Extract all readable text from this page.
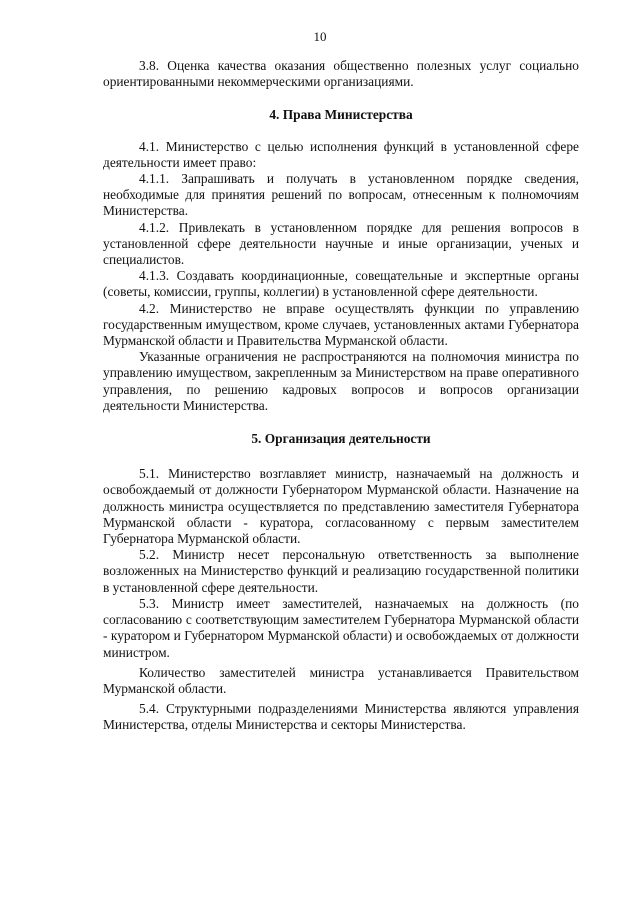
10

3.8. Оценка качества оказания общественно полезных услуг социально ориентированными некоммерческими организациями.

4. Права Министерства

4.1. Министерство с целью исполнения функций в установленной сфере деятельности имеет право:

4.1.1. Запрашивать и получать в установленном порядке сведения, необходимые для принятия решений по вопросам, отнесенным к полномочиям Министерства.

4.1.2. Привлекать в установленном порядке для решения вопросов в установленной сфере деятельности научные и иные организации, ученых и специалистов.

4.1.3. Создавать координационные, совещательные и экспертные органы (советы, комиссии, группы, коллегии) в установленной сфере деятельности.

4.2. Министерство не вправе осуществлять функции по управлению государственным имуществом, кроме случаев, установленных актами Губернатора Мурманской области и Правительства Мурманской области.

Указанные ограничения не распространяются на полномочия министра по управлению имуществом, закрепленным за Министерством на праве оперативного управления, по решению кадровых вопросов и вопросов организации деятельности Министерства.

5. Организация деятельности

5.1. Министерство возглавляет министр, назначаемый на должность и освобождаемый от должности Губернатором Мурманской области. Назначение на должность министра осуществляется по представлению заместителя Губернатора Мурманской области - куратора, согласованному с первым заместителем Губернатора Мурманской области.

5.2. Министр несет персональную ответственность за выполнение возложенных на Министерство функций и реализацию государственной политики в установленной сфере деятельности.

5.3. Министр имеет заместителей, назначаемых на должность (по согласованию с соответствующим заместителем Губернатора Мурманской области - куратором и Губернатором Мурманской области) и освобождаемых от должности министром.

Количество заместителей министра устанавливается Правительством Мурманской области.

5.4. Структурными подразделениями Министерства являются управления Министерства, отделы Министерства и секторы Министерства.
